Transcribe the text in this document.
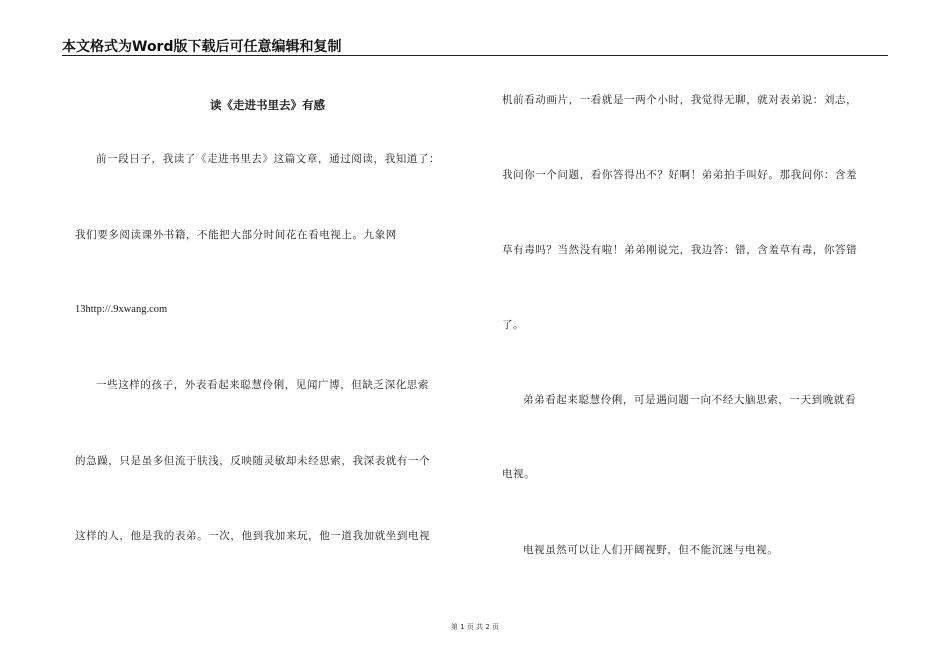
本文格式为Word版下载后可任意编辑和复制
读《走进书里去》有感
前一段日子，我读了《走进书里去》这篇文章，通过阅读，我知道了：
我们要多阅读课外书籍，不能把大部分时间花在看电视上。九象网
13http://.9xwang.com
一些这样的孩子，外表看起来聪慧伶俐，见闻广博，但缺乏深化思索
的急躁，只是虽多但流于肤浅，反映随灵敏却未经思索，我深表就有一个
这样的人，他是我的表弟。一次，他到我加来玩，他一道我加就坐到电视
机前看动画片，一看就是一两个小时，我觉得无聊，就对表弟说：刘志，
我问你一个问题，看你答得出不？好啊！弟弟拍手叫好。那我问你：含羞
草有毒吗？当然没有啦！弟弟刚说完，我边答：错，含羞草有毒，你答错
了。
弟弟看起来聪慧伶俐，可是遇问题一向不经大脑思索，一天到晚就看
电视。
电视虽然可以让人们开阔视野，但不能沉迷与电视。
第 1 页 共 2 页
